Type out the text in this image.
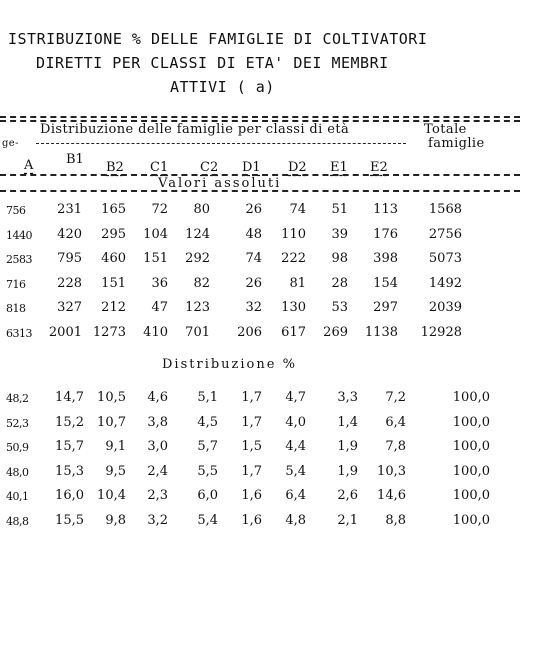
ISTRIBUZIONE % DELLE FAMIGLIE DI COLTIVATORI
DIRETTI PER CLASSI DI ETA' DEI MEMBRI
ATTIVI ( a)
Distribuzione delle famiglie per classi di età	Totale
famiglie
ge-
A	B1
B2 C1 C2 D1 D2 E1 E2
Valori assoluti
756 231 165 72 80	26 74 51 113 1568
1440 420 295 104 124	48 110 39 176 2756
2583 795 460 151 292	74 222 98 398 5073
716 228 151 36 82	26 81 28 154 1492
818 327 212 47 123	32 130 53 297 2039
6313 2001 1273 410 701 206 617 269 1138 12928
Distribuzione %
48,2 14,7 10,5 4,6 5,1 1,7 4,7 3,3 7,2	100,0
52,3 15,2 10,7 3,8 4,5 1,7 4,0 1,4 6,4	100,0
50,9 15,7 9,1 3,0 5,7 1,5 4,4 1,9 7,8	100,0
48,0 15,3 9,5 2,4 5,5 1,7 5,4 1,9 10,3	100,0
40,1 16,0 10,4 2,3 6,0 1,6 6,4 2,6 14,6	100,0
48,8 15,5 9,8 3,2 5,4 1,6 4,8 2,1 8,8	100,0
